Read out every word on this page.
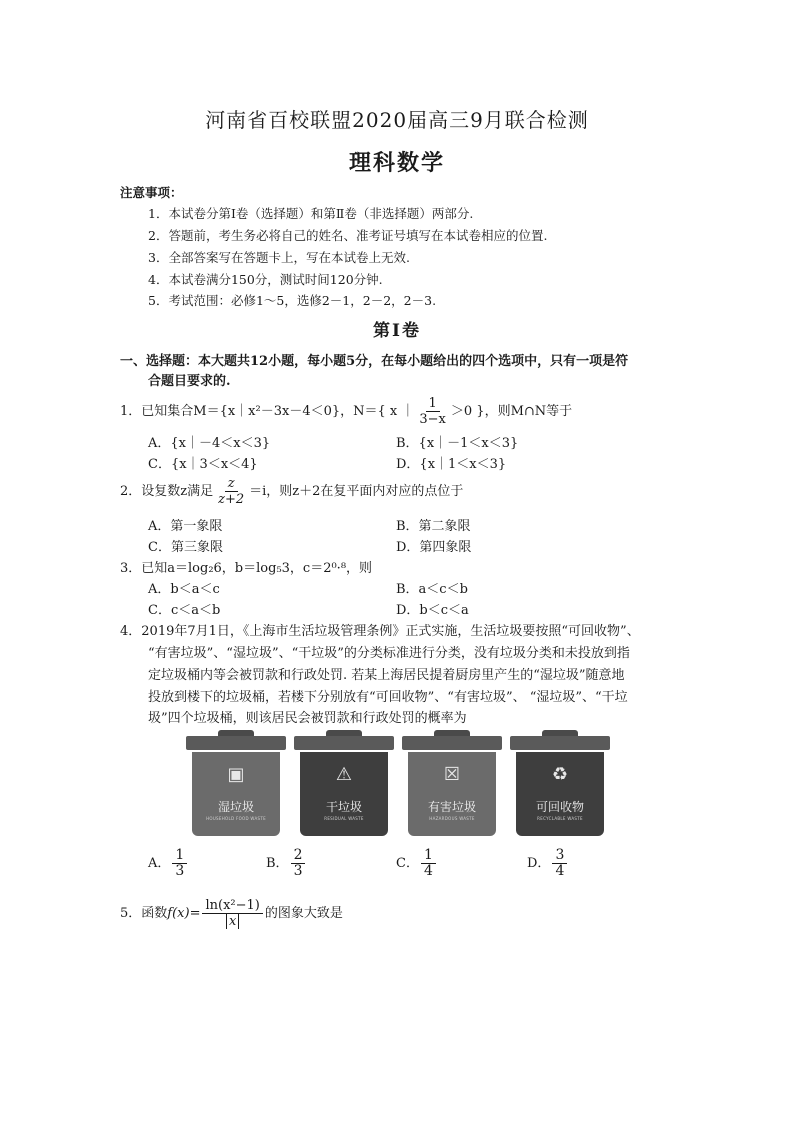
河南省百校联盟2020届高三9月联合检测
理科数学
注意事项：
1．本试卷分第Ⅰ卷（选择题）和第Ⅱ卷（非选择题）两部分.
2．答题前，考生务必将自己的姓名、准考证号填写在本试卷相应的位置.
3．全部答案写在答题卡上，写在本试卷上无效.
4．本试卷满分150分，测试时间120分钟.
5．考试范围：必修1～5，选修2－1，2－2，2－3.
第Ⅰ卷
一、选择题：本大题共12小题，每小题5分，在每小题给出的四个选项中，只有一项是符
合题目要求的.
1．已知集合M＝{x｜x²－3x－4＜0}，N＝{ x ｜ $\frac{1}{3-x} >0$ }，则M∩N等于
A．{x｜－4＜x＜3}	B．{x｜－1＜x＜3}
C．{x｜3＜x＜4}	D．{x｜1＜x＜3}
2．设复数z满足 $\frac{z}{z+2} =i$，则z＋2在复平面内对应的点位于
A．第一象限	B．第二象限
C．第三象限	D．第四象限
3．已知a＝log₂6，b＝log₅3，c＝2⁰·⁸，则
A．b＜a＜c	B．a＜c＜b
C．c＜a＜b	D．b＜c＜a
4．2019年7月1日，《上海市生活垃圾管理条例》正式实施，生活垃圾要按照“可回收物”、
“有害垃圾”、“湿垃圾”、“干垃圾”的分类标准进行分类，没有垃圾分类和未投放到指
定垃圾桶内等会被罚款和行政处罚. 若某上海居民提着厨房里产生的“湿垃圾”随意地
投放到楼下的垃圾桶，若楼下分别放有“可回收物”、“有害垃圾”、 “湿垃圾”、“干垃
圾”四个垃圾桶，则该居民会被罚款和行政处罚的概率为
▣
湿垃圾
HOUSEHOLD FOOD WASTE
⚠
干垃圾
RESIDUAL WASTE
☒
有害垃圾
HAZARDOUS WASTE
♻
可回收物
RECYCLABLE WASTE
A． $\frac{1}{3}$	B． $\frac{2}{3}$	C． $\frac{1}{4}$	D． $\frac{3}{4}$
5．函数$f(x)= \frac{\text{ln(x²−1)}}{x}$ 的图象大致是
